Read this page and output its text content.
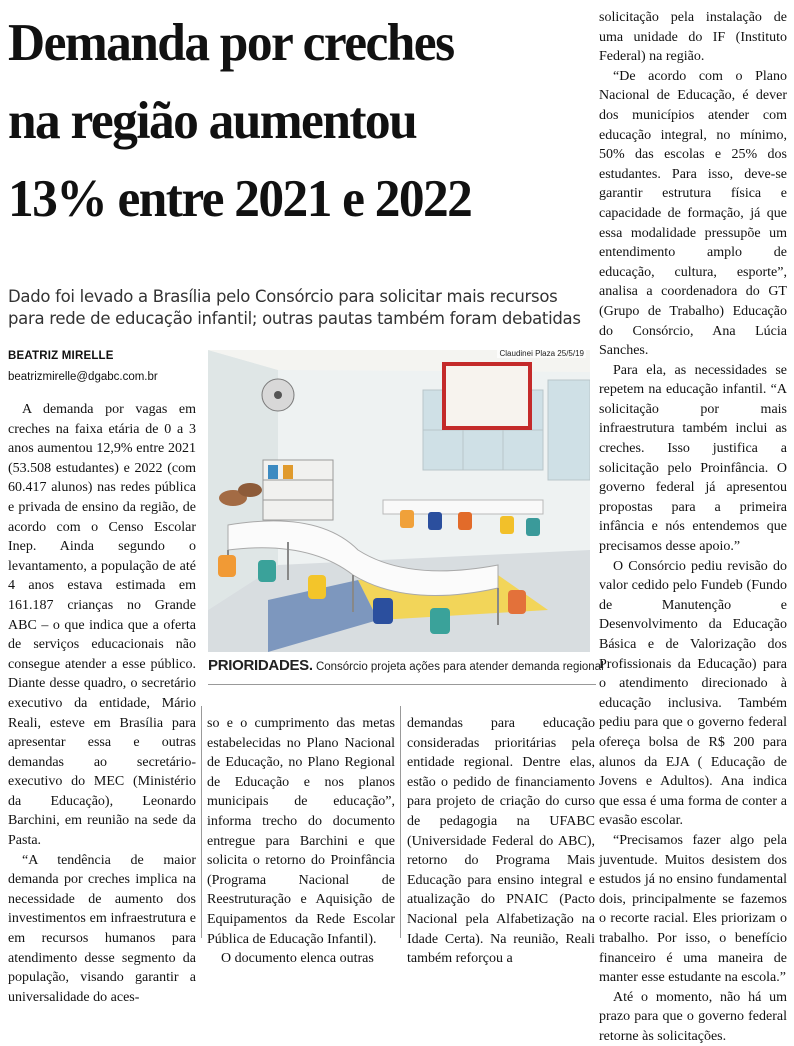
Demanda por creches
na região aumentou
13% entre 2021 e 2022
Dado foi levado a Brasília pelo Consórcio para solicitar mais recursos para rede de educação infantil; outras pautas também foram debatidas
BEATRIZ MIRELLE
beatrizmirelle@dgabc.com.br

A demanda por vagas em creches na faixa etária de 0 a 3 anos aumentou 12,9% entre 2021 (53.508 estudantes) e 2022 (com 60.417 alunos) nas redes pública e privada de ensino da região, de acordo com o Censo Escolar Inep. Ainda segundo o levantamento, a população de até 4 anos estava estimada em 161.187 crianças no Grande ABC – o que indica que a oferta de serviços educacionais não consegue atender a esse público. Diante desse quadro, o secretário executivo da entidade, Mário Reali, esteve em Brasília para apresentar essa e outras demandas ao secretário-executivo do MEC (Ministério da Educação), Leonardo Barchini, em reunião na sede da Pasta.

“A tendência de maior demanda por creches implica na necessidade de aumento dos investimentos em infraestrutura e em recursos humanos para atendimento desse segmento da população, visando garantir a universalidade do aces-

Claudinei Plaza 25/5/19
PRIORIDADES. Consórcio projeta ações para atender demanda regional

so e o cumprimento das metas estabelecidas no Plano Nacional de Educação, no Plano Regional de Educação e nos planos municipais de educação”, informa trecho do documento entregue para Barchini e que solicita o retorno do Proinfância (Programa Nacional de Reestruturação e Aquisição de Equipamentos da Rede Escolar Pública de Educação Infantil).

O documento elenca outras

demandas para educação consideradas prioritárias pela entidade regional. Dentre elas, estão o pedido de financiamento para projeto de criação do curso de pedagogia na UFABC (Universidade Federal do ABC), retorno do Programa Mais Educação para ensino integral e atualização do PNAIC (Pacto Nacional pela Alfabetização na Idade Certa). Na reunião, Reali também reforçou a

solicitação pela instalação de uma unidade do IF (Instituto Federal) na região.

“De acordo com o Plano Nacional de Educação, é dever dos municípios atender com educação integral, no mínimo, 50% das escolas e 25% dos estudantes. Para isso, deve-se garantir estrutura física e capacidade de formação, já que essa modalidade pressupõe um entendimento amplo de educação, cultura, esporte”, analisa a coordenadora do GT (Grupo de Trabalho) Educação do Consórcio, Ana Lúcia Sanches.

Para ela, as necessidades se repetem na educação infantil. “A solicitação por mais infraestrutura também inclui as creches. Isso justifica a solicitação pelo Proinfância. O governo federal já apresentou propostas para a primeira infância e nós entendemos que precisamos desse apoio.”

O Consórcio pediu revisão do valor cedido pelo Fundeb (Fundo de Manutenção e Desenvolvimento da Educação Básica e de Valorização dos Profissionais da Educação) para o atendimento direcionado à educação inclusiva. Também pediu para que o governo federal ofereça bolsa de R$ 200 para alunos da EJA ( Educação de Jovens e Adultos). Ana indica que essa é uma forma de conter a evasão escolar.

“Precisamos fazer algo pela juventude. Muitos desistem dos estudos já no ensino fundamental dois, principalmente se fazemos o recorte racial. Eles priorizam o trabalho. Por isso, o benefício financeiro é uma maneira de manter esse estudante na escola.”

Até o momento, não há um prazo para que o governo federal retorne às solicitações.
